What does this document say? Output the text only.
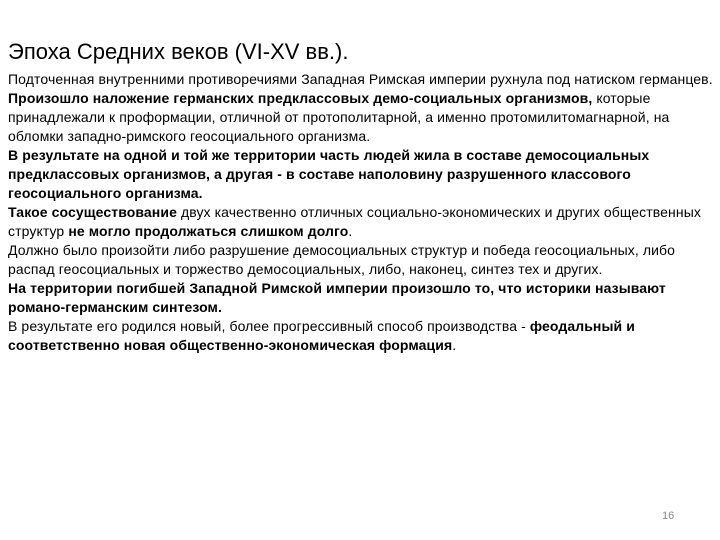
Эпоха Средних веков (VI-XV вв.).

Подточенная внутренними противоречиями Западная Римская империи рухнула под натиском германцев.

Произошло наложение германских предклассовых демо-социальных организмов, которые принадлежали к проформации, отличной от протополитарной, а именно протомилитомагнарной, на обломки западно-римского геосоциального организма.

В результате на одной и той же территории часть людей жила в составе демосоциальных предклассовых организмов, а другая - в составе наполовину разрушенного классового геосоциального организма.

Такое сосуществование двух качественно отличных социально-экономических и других общественных структур не могло продолжаться слишком долго.

Должно было произойти либо разрушение демосоциальных структур и победа геосоциальных, либо распад геосоциальных и торжество демосоциальных, либо, наконец, синтез тех и других.

На территории погибшей Западной Римской империи произошло то, что историки называют романо-германским синтезом.

В результате его родился новый, более прогрессивный способ производства - феодальный и соответственно новая общественно-экономическая формация.

16
